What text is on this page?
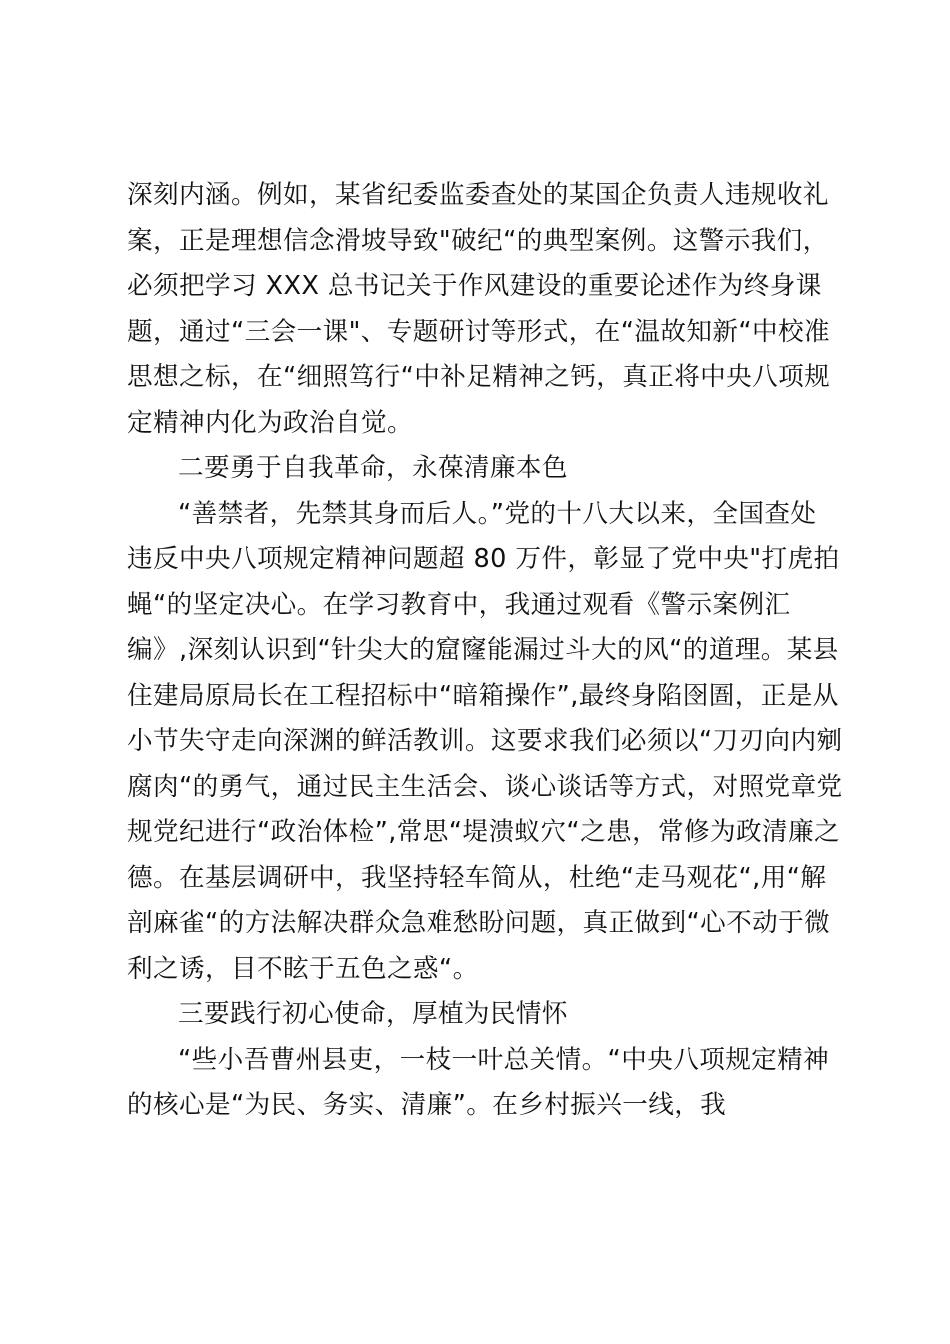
深刻内涵。例如，某省纪委监委查处的某国企负责人违规收礼
案，正是理想信念滑坡导致"破纪“的典型案例。这警示我们，
必须把学习 XXX 总书记关于作风建设的重要论述作为终身课
题，通过“三会一课"、专题研讨等形式，在“温故知新“中校准
思想之标，在“细照笃行“中补足精神之钙，真正将中央八项规
定精神内化为政治自觉。
二要勇于自我革命，永葆清廉本色
“善禁者，先禁其身而后人。”党的十八大以来，全国查处
违反中央八项规定精神问题超 80 万件，彰显了党中央"打虎拍
蝇“的坚定决心。在学习教育中，我通过观看《警示案例汇
编》,深刻认识到“针尖大的窟窿能漏过斗大的风“的道理。某县
住建局原局长在工程招标中“暗箱操作”,最终身陷囹圄，正是从
小节失守走向深渊的鲜活教训。这要求我们必须以“刀刃向内剜
腐肉“的勇气，通过民主生活会、谈心谈话等方式，对照党章党
规党纪进行“政治体检”,常思“堤溃蚁穴“之患，常修为政清廉之
德。在基层调研中，我坚持轻车简从，杜绝“走马观花“,用“解
剖麻雀“的方法解决群众急难愁盼问题，真正做到“心不动于微
利之诱，目不眩于五色之惑“。
三要践行初心使命，厚植为民情怀
“些小吾曹州县吏，一枝一叶总关情。“中央八项规定精神
的核心是“为民、务实、清廉”。在乡村振兴一线，我
